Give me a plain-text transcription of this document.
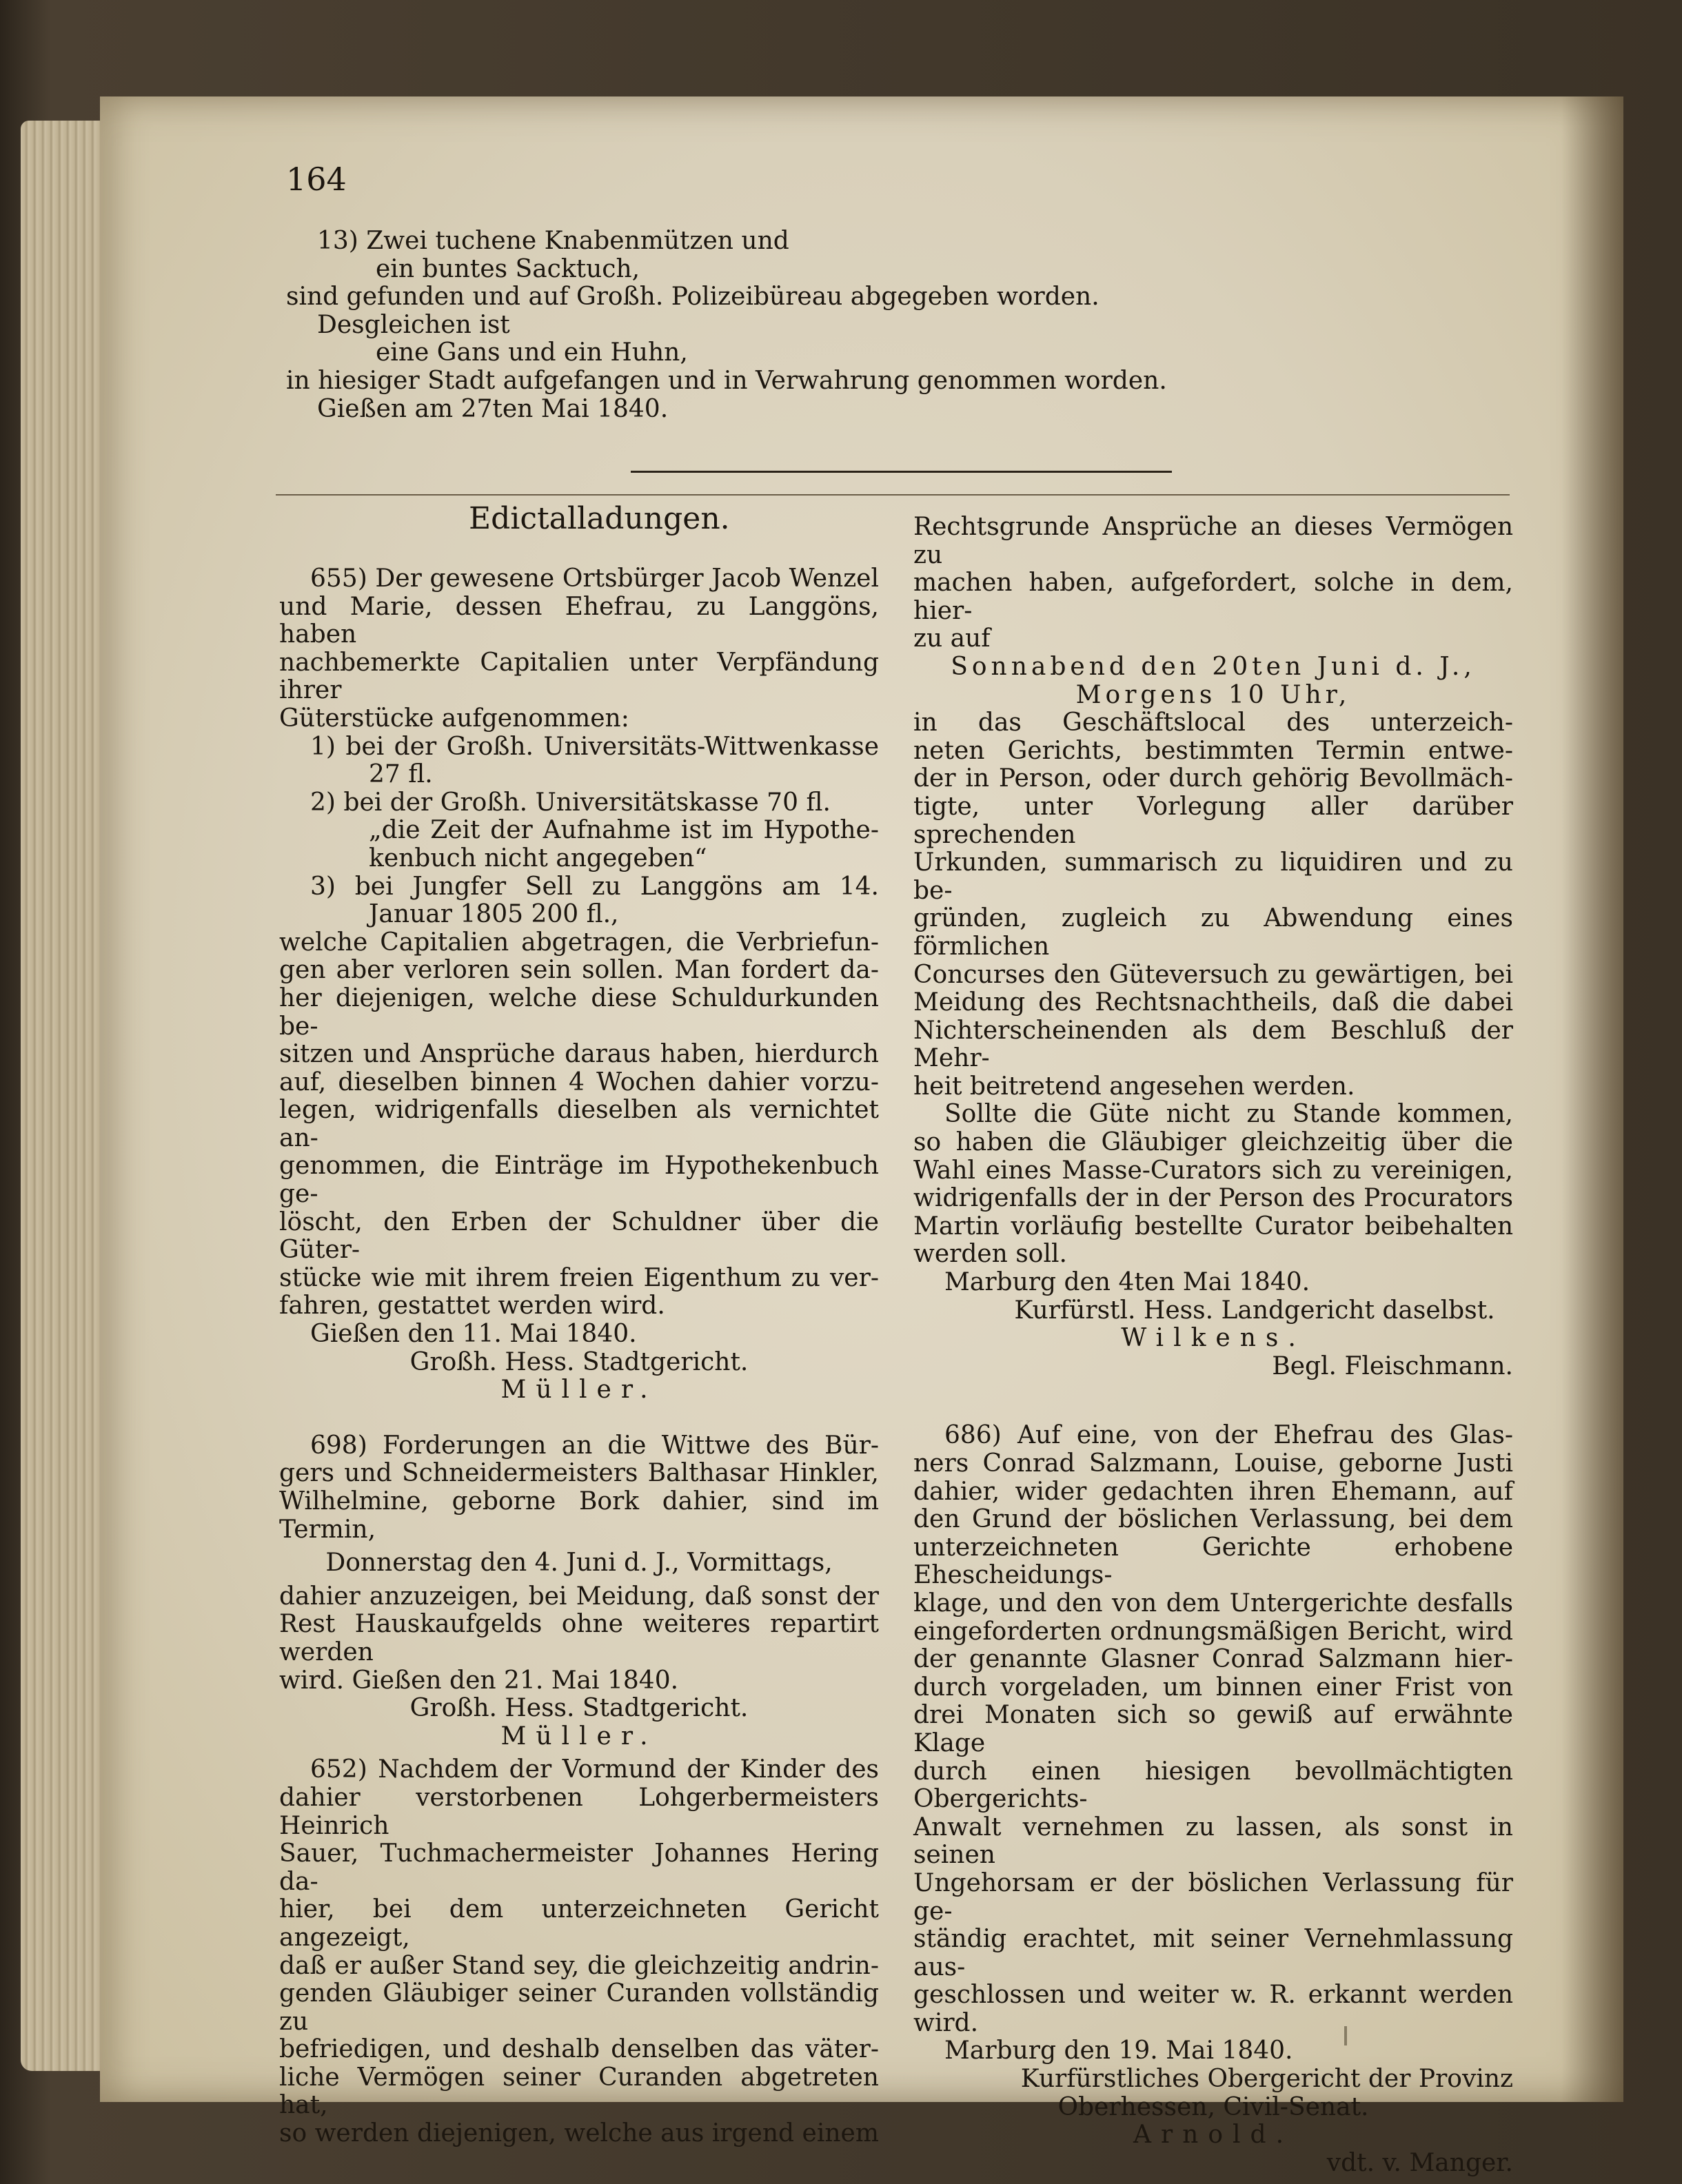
164

13) Zwei tuchene Knabenmützen und

ein buntes Sacktuch,

sind gefunden und auf Großh. Polizeibüreau abgegeben worden.

Desgleichen ist

eine Gans und ein Huhn,

in hiesiger Stadt aufgefangen und in Verwahrung genommen worden.

Gießen am 27ten Mai 1840.

Edictalladungen.

655) Der gewesene Ortsbürger Jacob Wenzel

und Marie, dessen Ehefrau, zu Langgöns, haben

nachbemerkte Capitalien unter Verpfändung ihrer

Güterstücke aufgenommen:

1) bei der Großh. Universitäts-Wittwenkasse

27 fl.

2) bei der Großh. Universitätskasse 70 fl.

„die Zeit der Aufnahme ist im Hypothe-

kenbuch nicht angegeben“

3) bei Jungfer Sell zu Langgöns am 14.

Januar 1805 200 fl.,

welche Capitalien abgetragen, die Verbriefun-

gen aber verloren sein sollen. Man fordert da-

her diejenigen, welche diese Schuldurkunden be-

sitzen und Ansprüche daraus haben, hierdurch

auf, dieselben binnen 4 Wochen dahier vorzu-

legen, widrigenfalls dieselben als vernichtet an-

genommen, die Einträge im Hypothekenbuch ge-

löscht, den Erben der Schuldner über die Güter-

stücke wie mit ihrem freien Eigenthum zu ver-

fahren, gestattet werden wird.

Gießen den 11. Mai 1840.

Großh. Hess. Stadtgericht.

Müller.

698) Forderungen an die Wittwe des Bür-

gers und Schneidermeisters Balthasar Hinkler,

Wilhelmine, geborne Bork dahier, sind im Termin,

Donnerstag den 4. Juni d. J., Vormittags,

dahier anzuzeigen, bei Meidung, daß sonst der

Rest Hauskaufgelds ohne weiteres repartirt werden

wird. Gießen den 21. Mai 1840.

Großh. Hess. Stadtgericht.

Müller.

652) Nachdem der Vormund der Kinder des

dahier verstorbenen Lohgerbermeisters Heinrich

Sauer, Tuchmachermeister Johannes Hering da-

hier, bei dem unterzeichneten Gericht angezeigt,

daß er außer Stand sey, die gleichzeitig andrin-

genden Gläubiger seiner Curanden vollständig zu

befriedigen, und deshalb denselben das väter-

liche Vermögen seiner Curanden abgetreten hat,

so werden diejenigen, welche aus irgend einem

Rechtsgrunde Ansprüche an dieses Vermögen zu

machen haben, aufgefordert, solche in dem, hier-

zu auf

Sonnabend den 20ten Juni d. J.,

Morgens 10 Uhr,

in das Geschäftslocal des unterzeich-

neten Gerichts, bestimmten Termin entwe-

der in Person, oder durch gehörig Bevollmäch-

tigte, unter Vorlegung aller darüber sprechenden

Urkunden, summarisch zu liquidiren und zu be-

gründen, zugleich zu Abwendung eines förmlichen

Concurses den Güteversuch zu gewärtigen, bei

Meidung des Rechtsnachtheils, daß die dabei

Nichterscheinenden als dem Beschluß der Mehr-

heit beitretend angesehen werden.

Sollte die Güte nicht zu Stande kommen,

so haben die Gläubiger gleichzeitig über die

Wahl eines Masse-Curators sich zu vereinigen,

widrigenfalls der in der Person des Procurators

Martin vorläufig bestellte Curator beibehalten

werden soll.

Marburg den 4ten Mai 1840.

Kurfürstl. Hess. Landgericht daselbst.

Wilkens.

Begl. Fleischmann.

686) Auf eine, von der Ehefrau des Glas-

ners Conrad Salzmann, Louise, geborne Justi

dahier, wider gedachten ihren Ehemann, auf

den Grund der böslichen Verlassung, bei dem

unterzeichneten Gerichte erhobene Ehescheidungs-

klage, und den von dem Untergerichte desfalls

eingeforderten ordnungsmäßigen Bericht, wird

der genannte Glasner Conrad Salzmann hier-

durch vorgeladen, um binnen einer Frist von

drei Monaten sich so gewiß auf erwähnte Klage

durch einen hiesigen bevollmächtigten Obergerichts-

Anwalt vernehmen zu lassen, als sonst in seinen

Ungehorsam er der böslichen Verlassung für ge-

ständig erachtet, mit seiner Vernehmlassung aus-

geschlossen und weiter w. R. erkannt werden wird.

Marburg den 19. Mai 1840.

Kurfürstliches Obergericht der Provinz

Oberhessen, Civil-Senat.

Arnold.

vdt. v. Manger.
